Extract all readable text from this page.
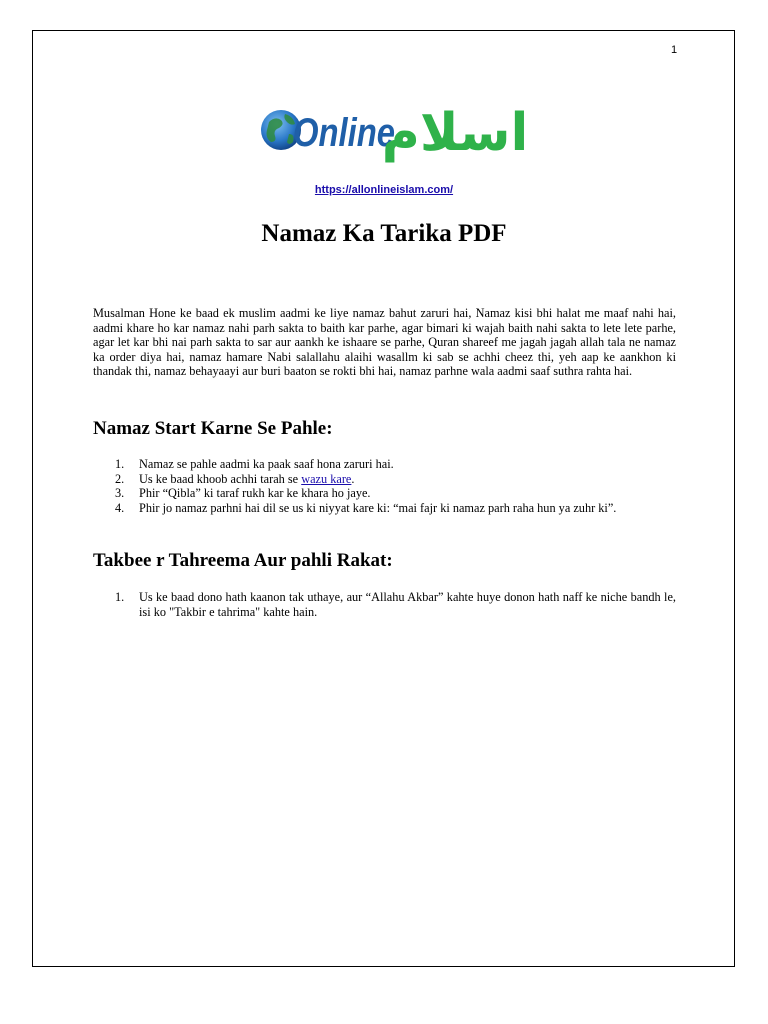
1
Online
اسلام
https://allonlineislam.com/
Namaz Ka Tarika PDF

Musalman Hone ke baad ek muslim aadmi ke liye namaz bahut zaruri hai, Namaz kisi bhi halat me maaf nahi hai, aadmi khare ho kar namaz nahi parh sakta to baith kar parhe, agar bimari ki wajah baith nahi sakta to lete lete parhe, agar let kar bhi nai parh sakta to sar aur aankh ke ishaare se parhe, Quran shareef me jagah jagah allah tala ne namaz ka order diya hai, namaz hamare Nabi salallahu alaihi wasallm ki sab se achhi cheez thi, yeh aap ke aankhon ki thandak thi, namaz behayaayi aur buri baaton se rokti bhi hai, namaz parhne wala aadmi saaf suthra rahta hai.

Namaz Start Karne Se Pahle:
1. Namaz se pahle aadmi ka paak saaf hona zaruri hai.
2. Us ke baad khoob achhi tarah se wazu kare.
3. Phir “Qibla” ki taraf rukh kar ke khara ho jaye.
4. Phir jo namaz parhni hai dil se us ki niyyat kare ki: “mai fajr ki namaz parh raha hun ya zuhr ki”.
Takbee r Tahreema Aur pahli Rakat:
1. Us ke baad dono hath kaanon tak uthaye, aur “Allahu Akbar” kahte huye donon hath naff ke niche bandh le, isi ko "Takbir e tahrima" kahte hain.
